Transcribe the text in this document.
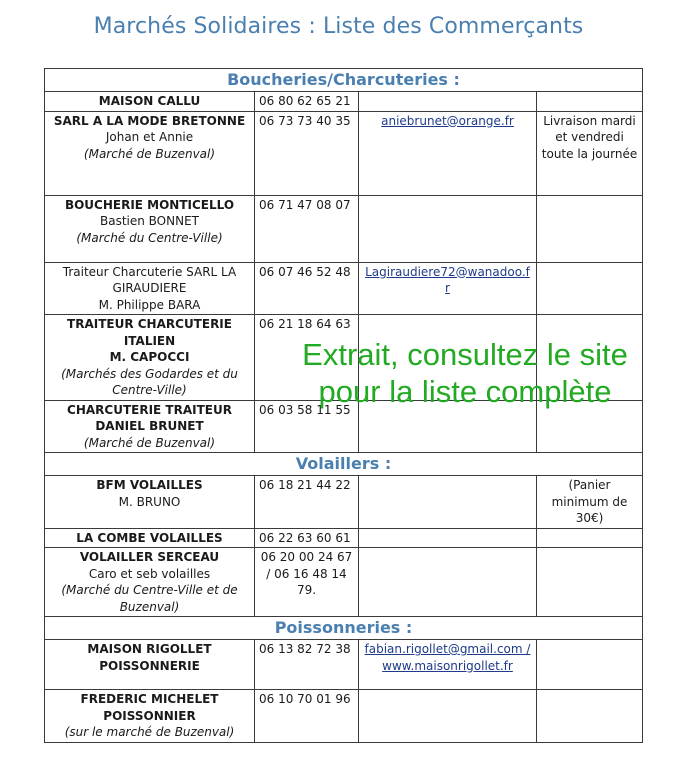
Marchés Solidaires : Liste des Commerçants
Boucheries/Charcuteries :			

MAISON CALLU	06 80 62 65 21		

SARL A LA MODE BRETONNE
Johan et Annie
(Marché de Buzenval)	06 73 73 40 35	aniebrunet@orange.fr	Livraison mardi et vendredi toute la journée

BOUCHERIE MONTICELLO
Bastien BONNET
(Marché du Centre-Ville)	06 71 47 08 07		

Traiteur Charcuterie SARL LA GIRAUDIERE
M. Philippe BARA	06 07 46 52 48	Lagiraudiere72@wanadoo.fr	

TRAITEUR CHARCUTERIE ITALIEN
M. CAPOCCI
(Marchés des Godardes et du Centre-Ville)	06 21 18 64 63		

CHARCUTERIE TRAITEUR DANIEL BRUNET
(Marché de Buzenval)	06 03 58 11 55		
Volaillers :			

BFM VOLAILLES
M. BRUNO	06 18 21 44 22		(Panier minimum de 30€)

LA COMBE VOLAILLES	06 22 63 60 61		

VOLAILLER SERCEAU
Caro et seb volailles
(Marché du Centre-Ville et de Buzenval)	06 20 00 24 67 / 06 16 48 14 79.		
Poissonneries :			

MAISON RIGOLLET POISSONNERIE	06 13 82 72 38	fabian.rigollet@gmail.com / www.maisonrigollet.fr	

FREDERIC MICHELET POISSONNIER
(sur le marché de Buzenval)	06 10 70 01 96		
Extrait, consultez le site
pour la liste complète
